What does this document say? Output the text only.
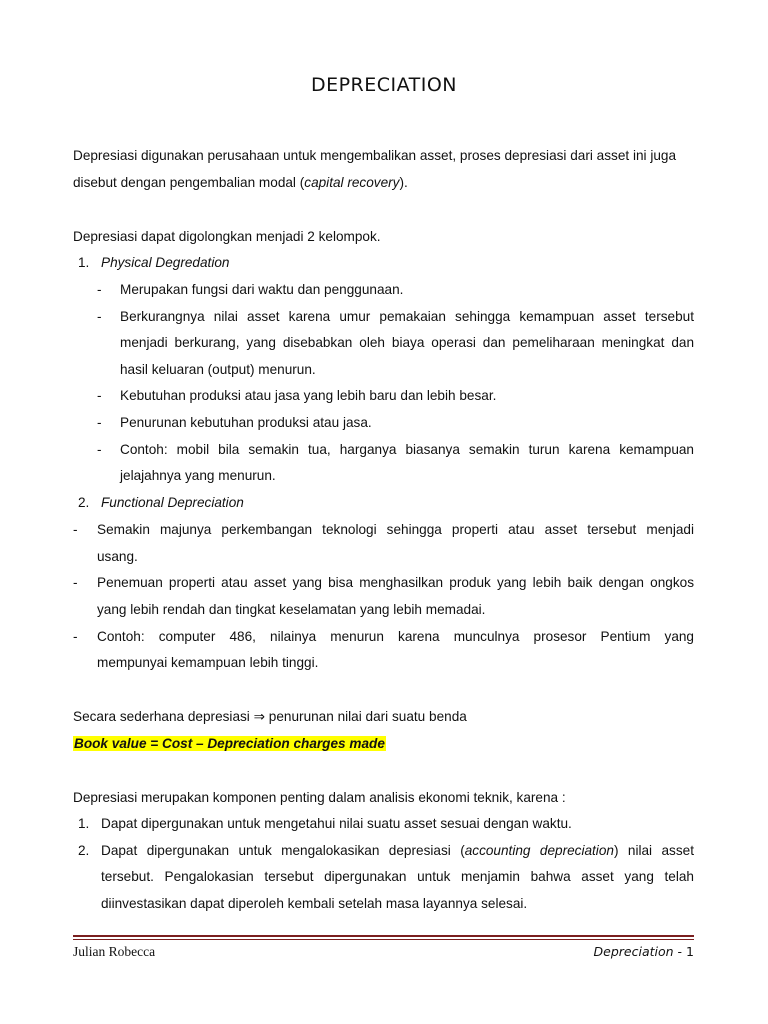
DEPRECIATION
Depresiasi digunakan perusahaan untuk mengembalikan asset, proses depresiasi dari asset ini juga
disebut dengan pengembalian modal (capital recovery).
Depresiasi dapat digolongkan menjadi 2 kelompok.
1. Physical Degredation
- Merupakan fungsi dari waktu dan penggunaan.
- Berkurangnya nilai asset karena umur pemakaian sehingga kemampuan asset tersebut
menjadi berkurang, yang disebabkan oleh biaya operasi dan pemeliharaan meningkat dan
hasil keluaran (output) menurun.
- Kebutuhan produksi atau jasa yang lebih baru dan lebih besar.
- Penurunan kebutuhan produksi atau jasa.
- Contoh: mobil bila semakin tua, harganya biasanya semakin turun karena kemampuan
jelajahnya yang menurun.
2. Functional Depreciation
- Semakin majunya perkembangan teknologi sehingga properti atau asset tersebut menjadi
usang.
- Penemuan properti atau asset yang bisa menghasilkan produk yang lebih baik dengan ongkos
yang lebih rendah dan tingkat keselamatan yang lebih memadai.
- Contoh: computer 486, nilainya menurun karena munculnya prosesor Pentium yang
mempunyai kemampuan lebih tinggi.
Secara sederhana depresiasi ⇒ penurunan nilai dari suatu benda
Book value = Cost – Depreciation charges made
Depresiasi merupakan komponen penting dalam analisis ekonomi teknik, karena :
1. Dapat dipergunakan untuk mengetahui nilai suatu asset sesuai dengan waktu.
2. Dapat dipergunakan untuk mengalokasikan depresiasi (accounting depreciation) nilai asset
tersebut. Pengalokasian tersebut dipergunakan untuk menjamin bahwa asset yang telah
diinvestasikan dapat diperoleh kembali setelah masa layannya selesai.
Julian Robecca	Depreciation - 1
